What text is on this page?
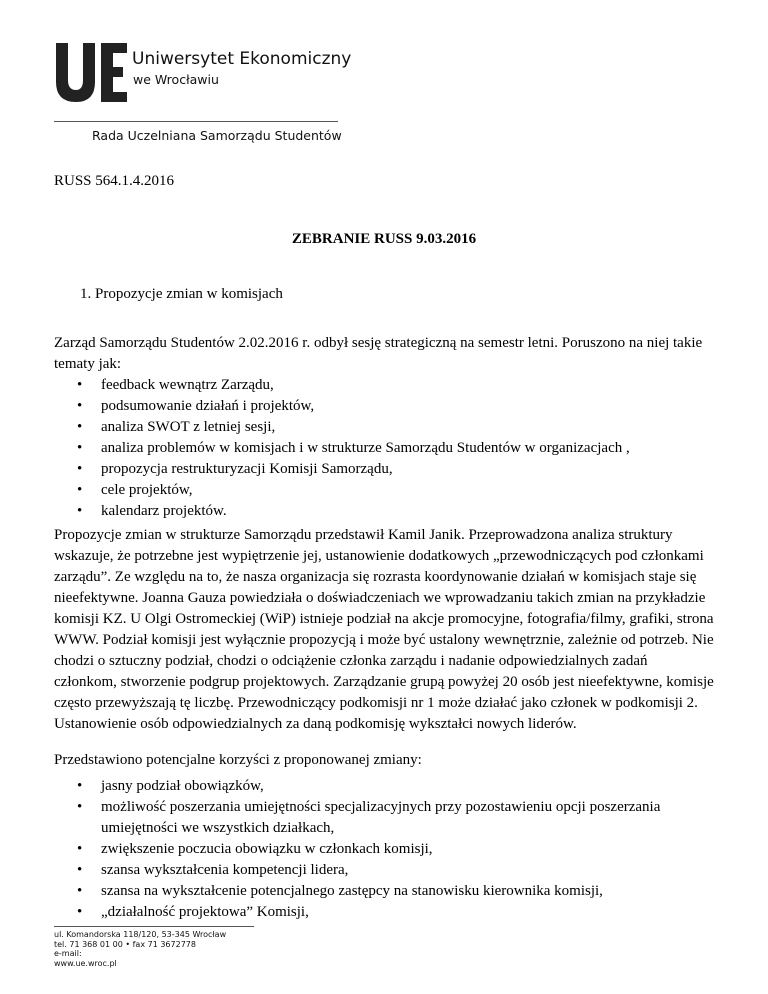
Uniwersytet Ekonomiczny
we Wrocławiu
Rada Uczelniana Samorządu Studentów
RUSS 564.1.4.2016
ZEBRANIE RUSS 9.03.2016
1. Propozycje zmian w komisjach

Zarząd Samorządu Studentów 2.02.2016 r. odbył sesję strategiczną na semestr letni. Poruszono na niej takie tematy jak:

• feedback wewnątrz Zarządu,
• podsumowanie działań i projektów,
• analiza SWOT z letniej sesji,
• analiza problemów w komisjach i w strukturze Samorządu Studentów w organizacjach ,
• propozycja restrukturyzacji Komisji Samorządu,
• cele projektów,
• kalendarz projektów.

Propozycje zmian w strukturze Samorządu przedstawił Kamil Janik. Przeprowadzona analiza struktury wskazuje, że potrzebne jest wypiętrzenie jej, ustanowienie dodatkowych „przewodniczących pod członkami zarządu”. Ze względu na to, że nasza organizacja się rozrasta koordynowanie działań w komisjach staje się nieefektywne. Joanna Gauza powiedziała o doświadczeniach we wprowadzaniu takich zmian na przykładzie komisji KZ. U Olgi Ostromeckiej (WiP) istnieje podział na akcje promocyjne, fotografia/filmy, grafiki, strona WWW. Podział komisji jest wyłącznie propozycją i może być ustalony wewnętrznie, zależnie od potrzeb. Nie chodzi o sztuczny podział, chodzi o odciążenie członka zarządu i nadanie odpowiedzialnych zadań członkom, stworzenie podgrup projektowych. Zarządzanie grupą powyżej 20 osób jest nieefektywne, komisje często przewyższają tę liczbę. Przewodniczący podkomisji nr 1 może działać jako członek w podkomisji 2. Ustanowienie osób odpowiedzialnych za daną podkomisję wykształci nowych liderów.

Przedstawiono potencjalne korzyści z proponowanej zmiany:

• jasny podział obowiązków,
• możliwość poszerzania umiejętności specjalizacyjnych przy pozostawieniu opcji poszerzania umiejętności we wszystkich działkach,
• zwiększenie poczucia obowiązku w członkach komisji,
• szansa wykształcenia kompetencji lidera,
• szansa na wykształcenie potencjalnego zastępcy na stanowisku kierownika komisji,
• „działalność projektowa” Komisji,
ul. Komandorska 118/120, 53-345 Wrocław
tel. 71 368 01 00 • fax 71 3672778
e-mail:
www.ue.wroc.pl
